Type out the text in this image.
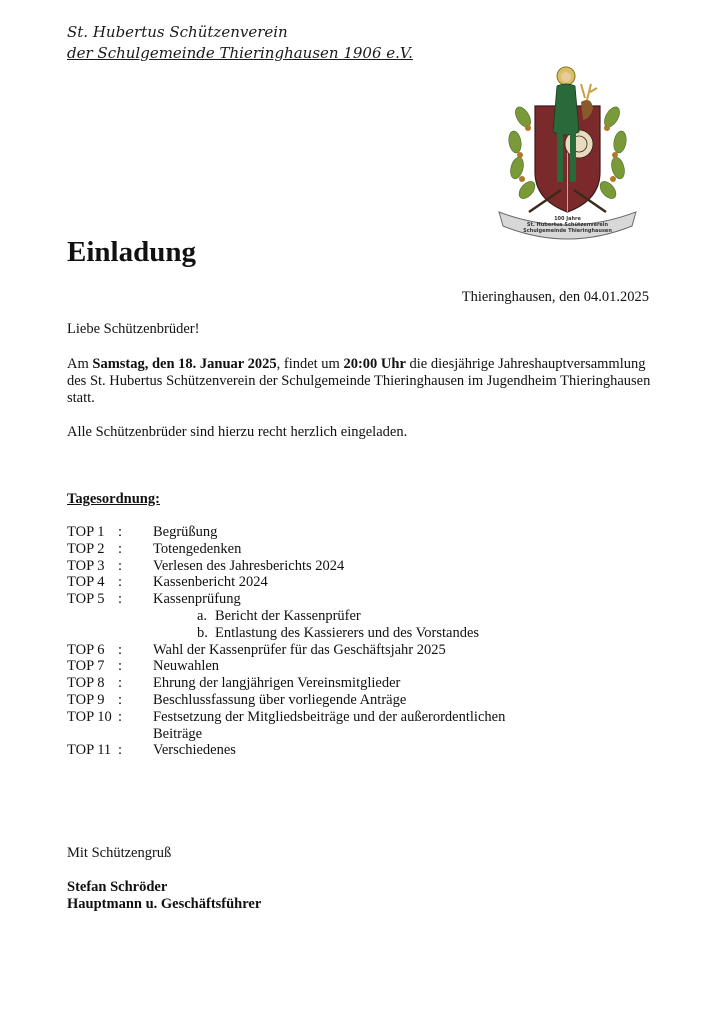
St. Hubertus Schützenverein
der Schulgemeinde Thieringhausen 1906 e.V.
100 Jahre
St. Hubertus Schützenverein
Schulgemeinde Thieringhausen
Einladung
Thieringhausen, den 04.01.2025
Liebe Schützenbrüder!
Am Samstag, den 18. Januar 2025, findet um 20:00 Uhr die diesjährige Jahreshauptversammlung des St. Hubertus Schützenverein der Schulgemeinde Thieringhausen im Jugendheim Thieringhausen statt.
Alle Schützenbrüder sind hierzu recht herzlich eingeladen.
Tagesordnung:
TOP 1 : Begrüßung
TOP 2 : Totengedenken
TOP 3 : Verlesen des Jahresberichts 2024
TOP 4 : Kassenbericht 2024
TOP 5 : Kassenprüfung
a. Bericht der Kassenprüfer
b. Entlastung des Kassierers und des Vorstandes
TOP 6 : Wahl der Kassenprüfer für das Geschäftsjahr 2025
TOP 7 : Neuwahlen
TOP 8 : Ehrung der langjährigen Vereinsmitglieder
TOP 9 : Beschlussfassung über vorliegende Anträge
TOP 10 : Festsetzung der Mitgliedsbeiträge und der außerordentlichen Beiträge
TOP 11 : Verschiedenes
Mit Schützengruß
Stefan Schröder
Hauptmann u. Geschäftsführer
